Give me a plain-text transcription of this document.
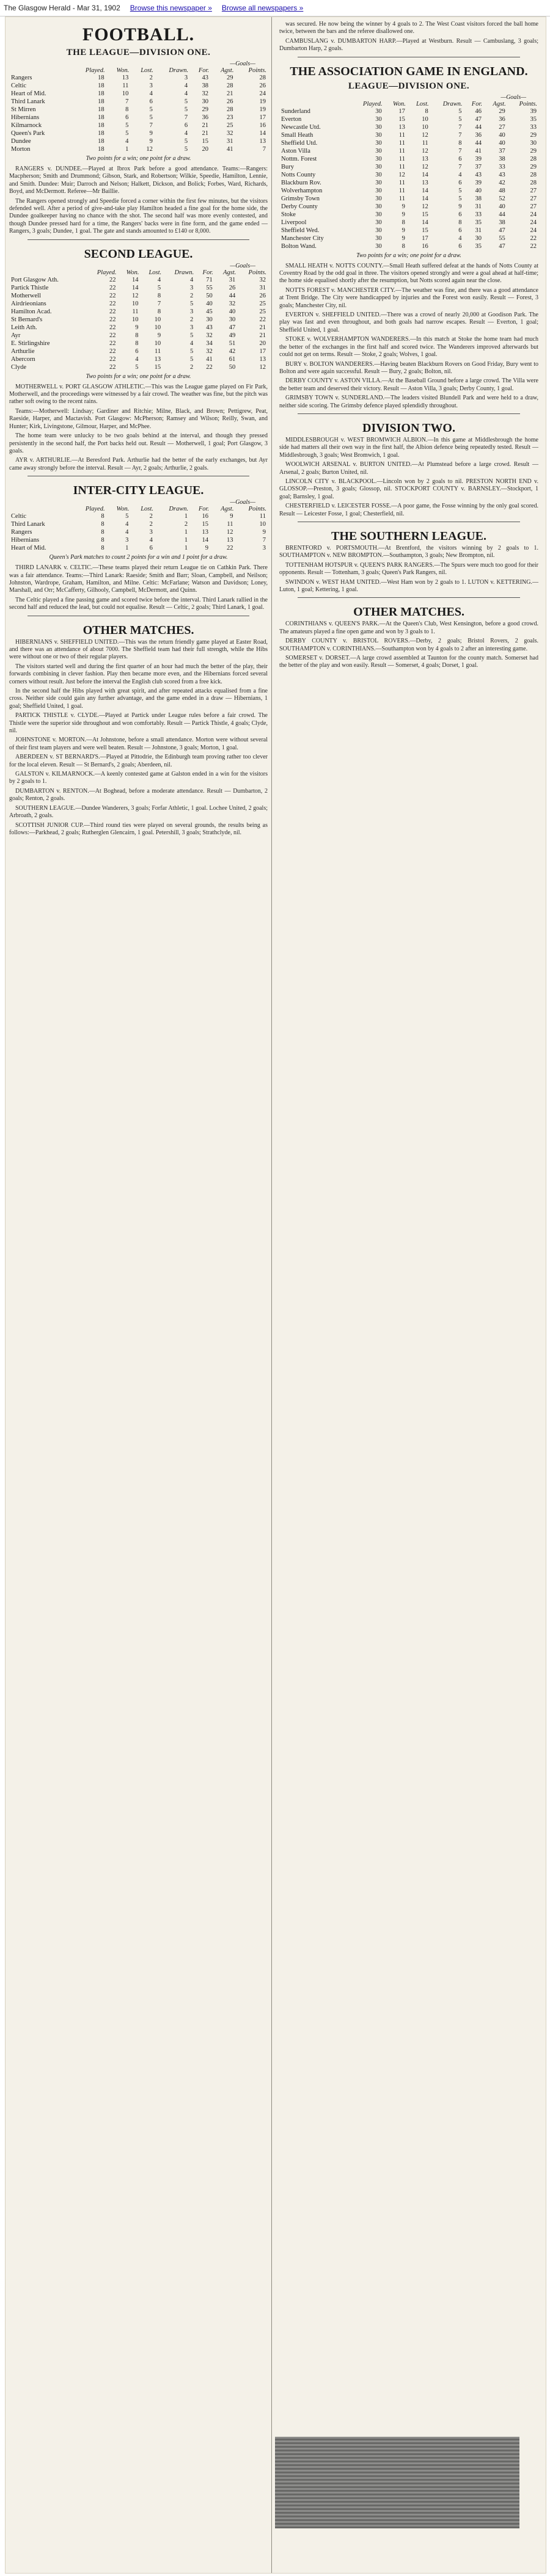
The Glasgow Herald - Mar 31, 1902 Browse this newspaper » Browse all newspapers »
FOOTBALL.
THE LEAGUE—DIVISION ONE.
—Goals—
	Played.	Won.	Lost.	Drawn.	For.	Agst.	Points.
Rangers	18	13	2	3	43	29	28
Celtic	18	11	3	4	38	28	26
Heart of Mid.	18	10	4	4	32	21	24
Third Lanark	18	7	6	5	30	26	19
St Mirren	18	8	5	5	29	28	19
Hibernians	18	6	5	7	36	23	17
Kilmarnock	18	5	7	6	21	25	16
Queen's Park	18	5	9	4	21	32	14
Dundee	18	4	9	5	15	31	13
Morton	18	1	12	5	20	41	7
Two points for a win; one point for a draw.

RANGERS v. DUNDEE.—Played at Ibrox Park before a good attendance. Teams:—Rangers: Macpherson; Smith and Drummond; Gibson, Stark, and Robertson; Wilkie, Speedie, Hamilton, Lennie, and Smith. Dundee: Muir; Darroch and Nelson; Halkett, Dickson, and Bolick; Forbes, Ward, Richards, Boyd, and McDermott. Referee—Mr Baillie.

The Rangers opened strongly and Speedie forced a corner within the first few minutes, but the visitors defended well. After a period of give-and-take play Hamilton headed a fine goal for the home side, the Dundee goalkeeper having no chance with the shot. The second half was more evenly contested, and though Dundee pressed hard for a time, the Rangers' backs were in fine form, and the game ended — Rangers, 3 goals; Dundee, 1 goal. The gate and stands amounted to £140 or 8,000.

SECOND LEAGUE.
—Goals—
	Played.	Won.	Lost.	Drawn.	For.	Agst.	Points.
Port Glasgow Ath.	22	14	4	4	71	31	32
Partick Thistle	22	14	5	3	55	26	31
Motherwell	22	12	8	2	50	44	26
Airdrieonians	22	10	7	5	40	32	25
Hamilton Acad.	22	11	8	3	45	40	25
St Bernard's	22	10	10	2	30	30	22
Leith Ath.	22	9	10	3	43	47	21
Ayr	22	8	9	5	32	49	21
E. Stirlingshire	22	8	10	4	34	51	20
Arthurlie	22	6	11	5	32	42	17
Abercorn	22	4	13	5	41	61	13
Clyde	22	5	15	2	22	50	12
Two points for a win; one point for a draw.

MOTHERWELL v. PORT GLASGOW ATHLETIC.—This was the League game played on Fir Park, Motherwell, and the proceedings were witnessed by a fair crowd. The weather was fine, but the pitch was rather soft owing to the recent rains.

Teams:—Motherwell: Lindsay; Gardiner and Ritchie; Milne, Black, and Brown; Pettigrew, Peat, Raeside, Harper, and Mactavish. Port Glasgow: McPherson; Ramsey and Wilson; Reilly, Swan, and Hunter; Kirk, Livingstone, Gilmour, Harper, and McPhee.

The home team were unlucky to be two goals behind at the interval, and though they pressed persistently in the second half, the Port backs held out. Result — Motherwell, 1 goal; Port Glasgow, 3 goals.

AYR v. ARTHURLIE.—At Beresford Park. Arthurlie had the better of the early exchanges, but Ayr came away strongly before the interval. Result — Ayr, 2 goals; Arthurlie, 2 goals.

INTER-CITY LEAGUE.
—Goals—
	Played.	Won.	Lost.	Drawn.	For.	Agst.	Points.
Celtic	8	5	2	1	16	9	11
Third Lanark	8	4	2	2	15	11	10
Rangers	8	4	3	1	13	12	9
Hibernians	8	3	4	1	14	13	7
Heart of Mid.	8	1	6	1	9	22	3
Queen's Park matches to count 2 points for a win and 1 point for a draw.

THIRD LANARK v. CELTIC.—These teams played their return League tie on Cathkin Park. There was a fair attendance. Teams:—Third Lanark: Raeside; Smith and Barr; Sloan, Campbell, and Neilson; Johnston, Wardrope, Graham, Hamilton, and Milne. Celtic: McFarlane; Watson and Davidson; Loney, Marshall, and Orr; McCafferty, Gilhooly, Campbell, McDermott, and Quinn.

The Celtic played a fine passing game and scored twice before the interval. Third Lanark rallied in the second half and reduced the lead, but could not equalise. Result — Celtic, 2 goals; Third Lanark, 1 goal.

OTHER MATCHES.

HIBERNIANS v. SHEFFIELD UNITED.—This was the return friendly game played at Easter Road, and there was an attendance of about 7000. The Sheffield team had their full strength, while the Hibs were without one or two of their regular players.

The visitors started well and during the first quarter of an hour had much the better of the play, their forwards combining in clever fashion. Play then became more even, and the Hibernians forced several corners without result. Just before the interval the English club scored from a free kick.

In the second half the Hibs played with great spirit, and after repeated attacks equalised from a fine cross. Neither side could gain any further advantage, and the game ended in a draw — Hibernians, 1 goal; Sheffield United, 1 goal.

PARTICK THISTLE v. CLYDE.—Played at Partick under League rules before a fair crowd. The Thistle were the superior side throughout and won comfortably. Result — Partick Thistle, 4 goals; Clyde, nil.

JOHNSTONE v. MORTON.—At Johnstone, before a small attendance. Morton were without several of their first team players and were well beaten. Result — Johnstone, 3 goals; Morton, 1 goal.

ABERDEEN v. ST BERNARD'S.—Played at Pittodrie, the Edinburgh team proving rather too clever for the local eleven. Result — St Bernard's, 2 goals; Aberdeen, nil.

GALSTON v. KILMARNOCK.—A keenly contested game at Galston ended in a win for the visitors by 2 goals to 1.

DUMBARTON v. RENTON.—At Boghead, before a moderate attendance. Result — Dumbarton, 2 goals; Renton, 2 goals.

SOUTHERN LEAGUE.—Dundee Wanderers, 3 goals; Forfar Athletic, 1 goal. Lochee United, 2 goals; Arbroath, 2 goals.

SCOTTISH JUNIOR CUP.—Third round ties were played on several grounds, the results being as follows:—Parkhead, 2 goals; Rutherglen Glencairn, 1 goal. Petershill, 3 goals; Strathclyde, nil.

was secured. He now being the winner by 4 goals to 2. The West Coast visitors forced the ball home twice, between the bars and the referee disallowed one.

CAMBUSLANG v. DUMBARTON HARP.—Played at Westburn. Result — Cambuslang, 3 goals; Dumbarton Harp, 2 goals.

THE ASSOCIATION GAME IN ENGLAND.
LEAGUE—DIVISION ONE.
—Goals—
	Played.	Won.	Lost.	Drawn.	For.	Agst.	Points.
Sunderland	30	17	8	5	46	29	39
Everton	30	15	10	5	47	36	35
Newcastle Utd.	30	13	10	7	44	27	33
Small Heath	30	11	12	7	36	40	29
Sheffield Utd.	30	11	11	8	44	40	30
Aston Villa	30	11	12	7	41	37	29
Nottm. Forest	30	11	13	6	39	38	28
Bury	30	11	12	7	37	33	29
Notts County	30	12	14	4	43	43	28
Blackburn Rov.	30	11	13	6	39	42	28
Wolverhampton	30	11	14	5	40	48	27
Grimsby Town	30	11	14	5	38	52	27
Derby County	30	9	12	9	31	40	27
Stoke	30	9	15	6	33	44	24
Liverpool	30	8	14	8	35	38	24
Sheffield Wed.	30	9	15	6	31	47	24
Manchester City	30	9	17	4	30	55	22
Bolton Wand.	30	8	16	6	35	47	22
Two points for a win; one point for a draw.

SMALL HEATH v. NOTTS COUNTY.—Small Heath suffered defeat at the hands of Notts County at Coventry Road by the odd goal in three. The visitors opened strongly and were a goal ahead at half-time; the home side equalised shortly after the resumption, but Notts scored again near the close.

NOTTS FOREST v. MANCHESTER CITY.—The weather was fine, and there was a good attendance at Trent Bridge. The City were handicapped by injuries and the Forest won easily. Result — Forest, 3 goals; Manchester City, nil.

EVERTON v. SHEFFIELD UNITED.—There was a crowd of nearly 20,000 at Goodison Park. The play was fast and even throughout, and both goals had narrow escapes. Result — Everton, 1 goal; Sheffield United, 1 goal.

STOKE v. WOLVERHAMPTON WANDERERS.—In this match at Stoke the home team had much the better of the exchanges in the first half and scored twice. The Wanderers improved afterwards but could not get on terms. Result — Stoke, 2 goals; Wolves, 1 goal.

BURY v. BOLTON WANDERERS.—Having beaten Blackburn Rovers on Good Friday, Bury went to Bolton and were again successful. Result — Bury, 2 goals; Bolton, nil.

DERBY COUNTY v. ASTON VILLA.—At the Baseball Ground before a large crowd. The Villa were the better team and deserved their victory. Result — Aston Villa, 3 goals; Derby County, 1 goal.

GRIMSBY TOWN v. SUNDERLAND.—The leaders visited Blundell Park and were held to a draw, neither side scoring. The Grimsby defence played splendidly throughout.

DIVISION TWO.

MIDDLESBROUGH v. WEST BROMWICH ALBION.—In this game at Middlesbrough the home side had matters all their own way in the first half, the Albion defence being repeatedly tested. Result — Middlesbrough, 3 goals; West Bromwich, 1 goal.

WOOLWICH ARSENAL v. BURTON UNITED.—At Plumstead before a large crowd. Result — Arsenal, 2 goals; Burton United, nil.

LINCOLN CITY v. BLACKPOOL.—Lincoln won by 2 goals to nil. PRESTON NORTH END v. GLOSSOP.—Preston, 3 goals; Glossop, nil. STOCKPORT COUNTY v. BARNSLEY.—Stockport, 1 goal; Barnsley, 1 goal.

CHESTERFIELD v. LEICESTER FOSSE.—A poor game, the Fosse winning by the only goal scored. Result — Leicester Fosse, 1 goal; Chesterfield, nil.

THE SOUTHERN LEAGUE.

BRENTFORD v. PORTSMOUTH.—At Brentford, the visitors winning by 2 goals to 1. SOUTHAMPTON v. NEW BROMPTON.—Southampton, 3 goals; New Brompton, nil.

TOTTENHAM HOTSPUR v. QUEEN'S PARK RANGERS.—The Spurs were much too good for their opponents. Result — Tottenham, 3 goals; Queen's Park Rangers, nil.

SWINDON v. WEST HAM UNITED.—West Ham won by 2 goals to 1. LUTON v. KETTERING.—Luton, 1 goal; Kettering, 1 goal.

OTHER MATCHES.

CORINTHIANS v. QUEEN'S PARK.—At the Queen's Club, West Kensington, before a good crowd. The amateurs played a fine open game and won by 3 goals to 1.

DERBY COUNTY v. BRISTOL ROVERS.—Derby, 2 goals; Bristol Rovers, 2 goals. SOUTHAMPTON v. CORINTHIANS.—Southampton won by 4 goals to 2 after an interesting game.

SOMERSET v. DORSET.—A large crowd assembled at Taunton for the county match. Somerset had the better of the play and won easily. Result — Somerset, 4 goals; Dorset, 1 goal.
